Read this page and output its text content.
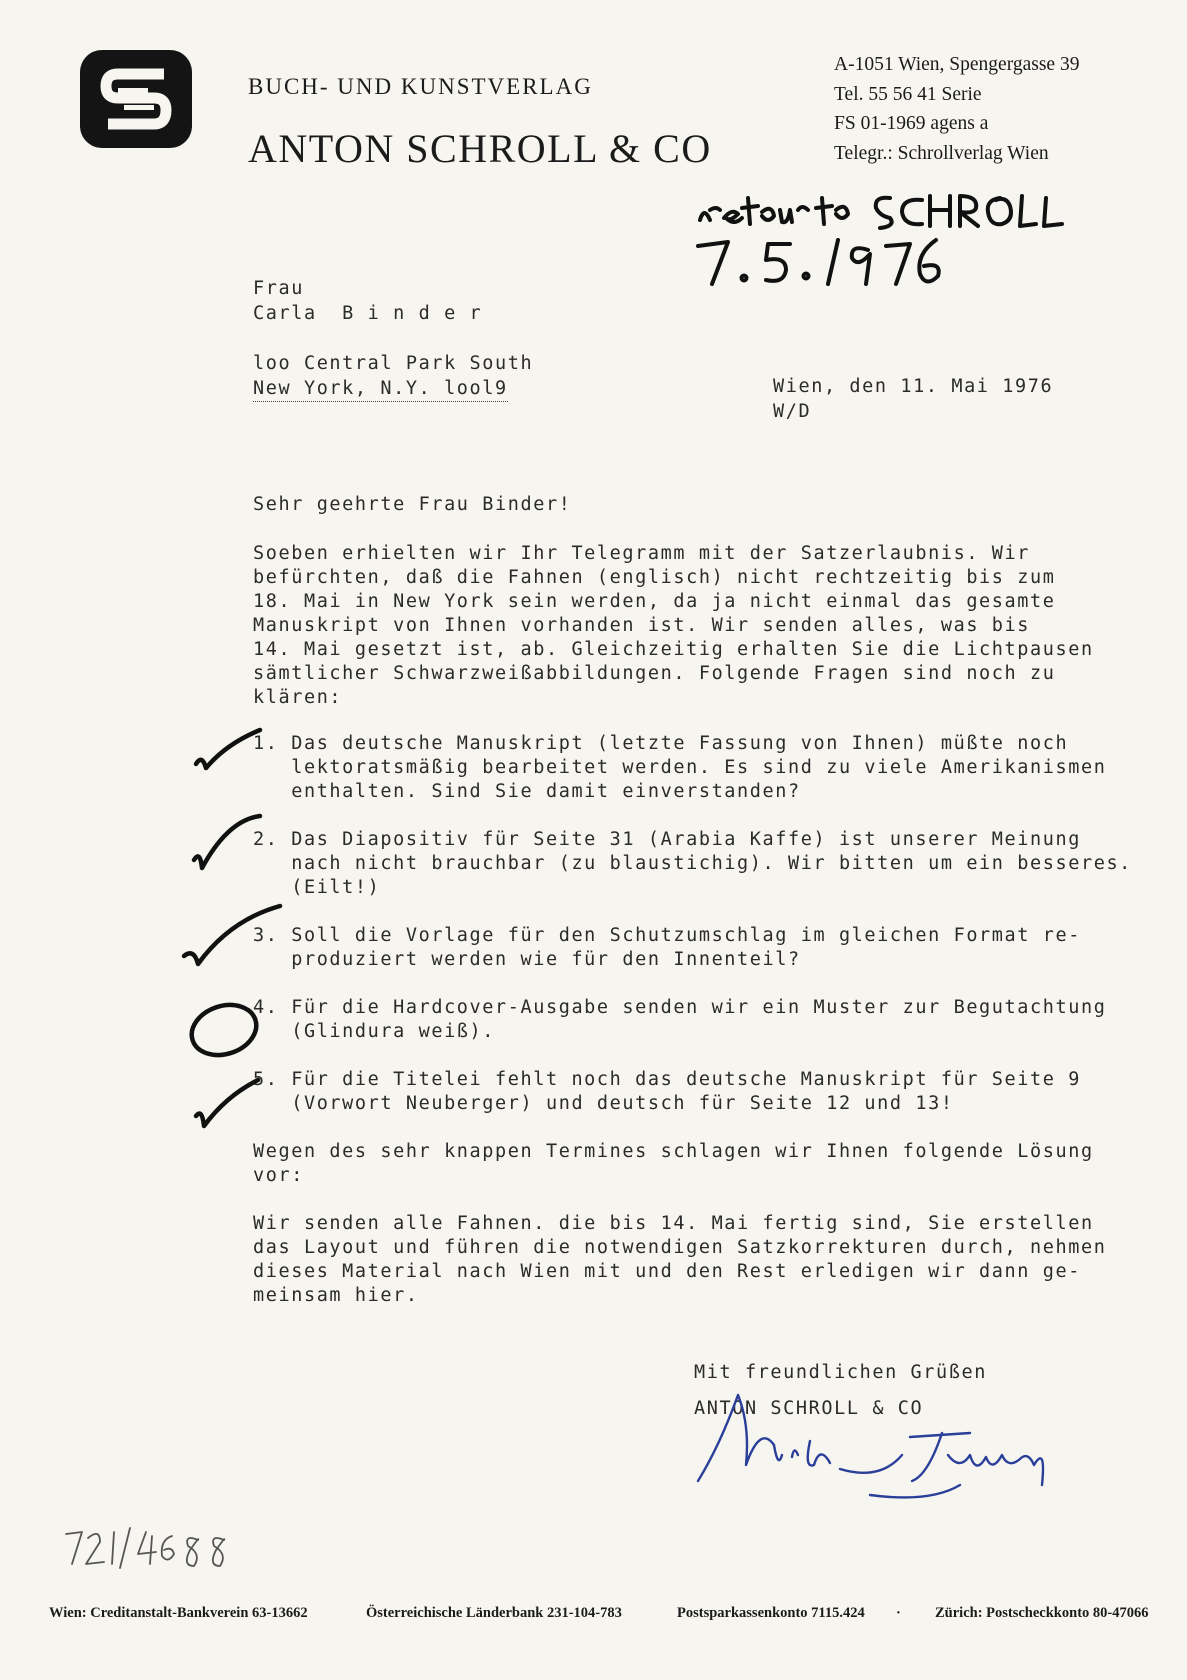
BUCH- UND KUNSTVERLAG
ANTON SCHROLL & CO
A-1051 Wien, Spengergasse 39
Tel. 55 56 41 Serie
FS 01-1969 agens a
Telegr.: Schrollverlag Wien
Frau
Carla  B i n d e r

loo Central Park South
New York, N.Y. lool9	Wien, den 11. Mai 1976
W/D
Sehr geehrte Frau Binder!
Soeben erhielten wir Ihr Telegramm mit der Satzerlaubnis. Wir
befürchten, daß die Fahnen (englisch) nicht rechtzeitig bis zum
18. Mai in New York sein werden, da ja nicht einmal das gesamte
Manuskript von Ihnen vorhanden ist. Wir senden alles, was bis
14. Mai gesetzt ist, ab. Gleichzeitig erhalten Sie die Lichtpausen
sämtlicher Schwarzweißabbildungen. Folgende Fragen sind noch zu
klären:
1. Das deutsche Manuskript (letzte Fassung von Ihnen) müßte noch
lektoratsmäßig bearbeitet werden. Es sind zu viele Amerikanismen
enthalten. Sind Sie damit einverstanden?
2. Das Diapositiv für Seite 31 (Arabia Kaffe) ist unserer Meinung
nach nicht brauchbar (zu blaustichig). Wir bitten um ein besseres.
(Eilt!)
3. Soll die Vorlage für den Schutzumschlag im gleichen Format re-
produziert werden wie für den Innenteil?
4. Für die Hardcover-Ausgabe senden wir ein Muster zur Begutachtung
(Glindura weiß).
5. Für die Titelei fehlt noch das deutsche Manuskript für Seite 9
(Vorwort Neuberger) und deutsch für Seite 12 und 13!
Wegen des sehr knappen Termines schlagen wir Ihnen folgende Lösung
vor:
Wir senden alle Fahnen. die bis 14. Mai fertig sind, Sie erstellen
das Layout und führen die notwendigen Satzkorrekturen durch, nehmen
dieses Material nach Wien mit und den Rest erledigen wir dann ge-
meinsam hier.
Mit freundlichen Grüßen
ANTON SCHROLL & CO
Wien: Creditanstalt-Bankverein 63-13662	Österreichische Länderbank 231-104-783	Postsparkassenkonto 7115.424 · Zürich: Postscheckkonto 80-47066
